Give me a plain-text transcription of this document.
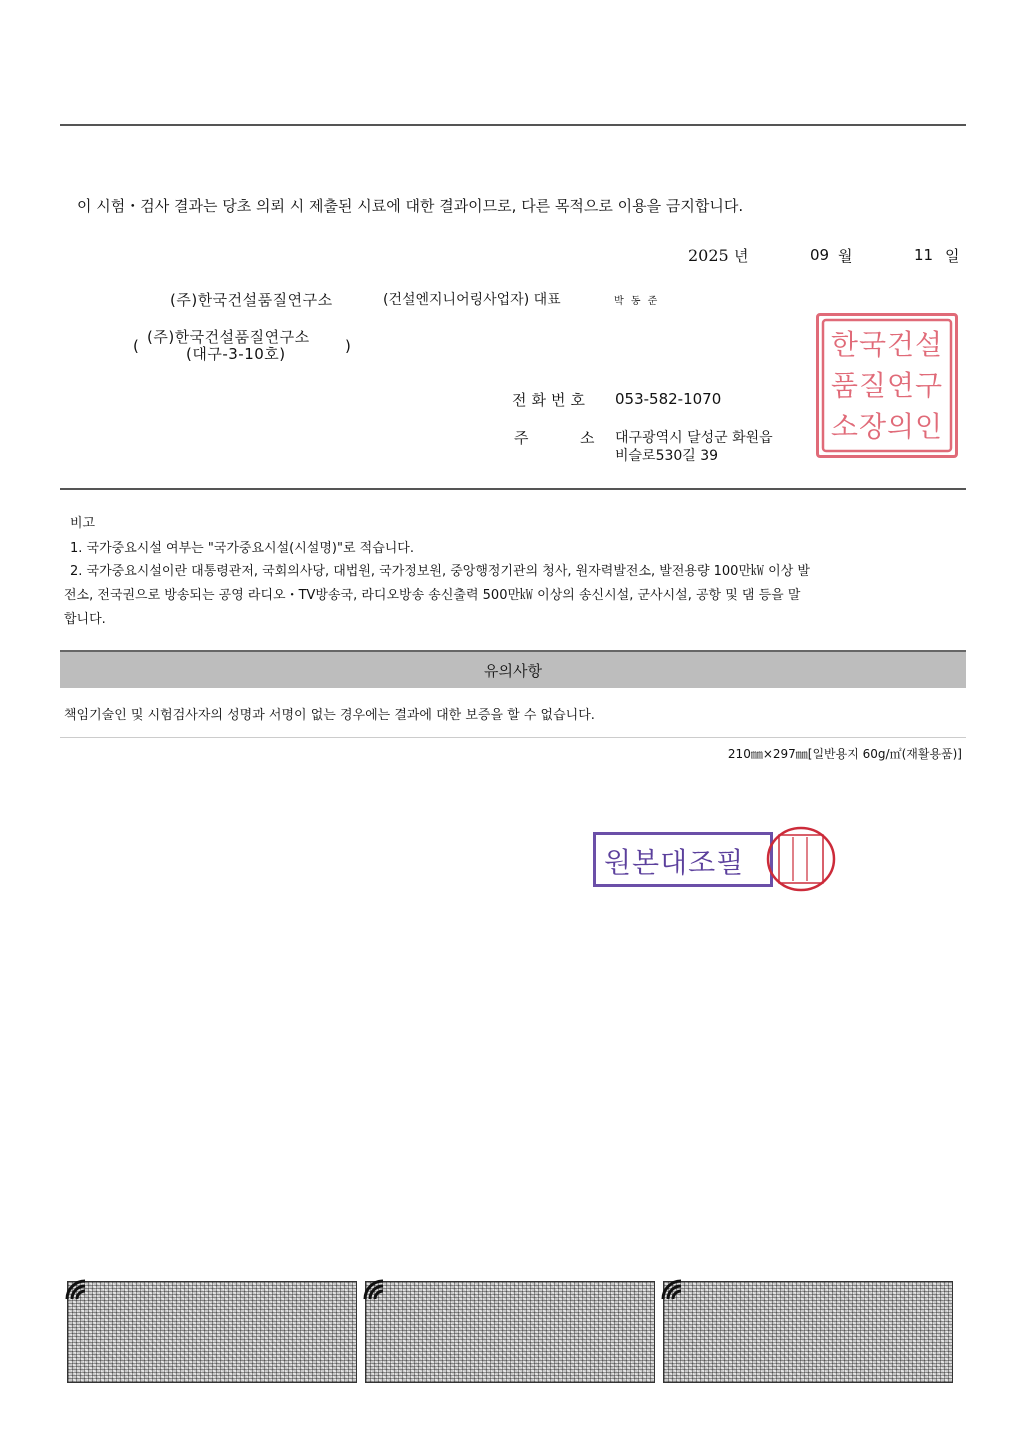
이 시험・검사 결과는 당초 의뢰 시 제출된 시료에 대한 결과이므로, 다른 목적으로 이용을 금지합니다.
2025 년	09 월	11 일
(주)한국건설품질연구소	(건설엔지니어링사업자) 대표	박 동 준
( (주)한국건설품질연구소
(대구-3-10호)	)
전화번호 053-582-1070
주	소 대구광역시 달성군 화원읍
비슬로530길 39
한국건설
품질연구
소장의인
비고
1. 국가중요시설 여부는 "국가중요시설(시설명)"로 적습니다.
2. 국가중요시설이란 대통령관저, 국회의사당, 대법원, 국가정보원, 중앙행정기관의 청사, 원자력발전소, 발전용량 100만㎾ 이상 발
전소, 전국권으로 방송되는 공영 라디오・TV방송국, 라디오방송 송신출력 500만㎾ 이상의 송신시설, 군사시설, 공항 및 댐 등을 말
합니다.
유의사항
책임기술인 및 시험검사자의 성명과 서명이 없는 경우에는 결과에 대한 보증을 할 수 없습니다.
210㎜×297㎜[일반용지 60g/㎡(재활용품)]
원본대조필
